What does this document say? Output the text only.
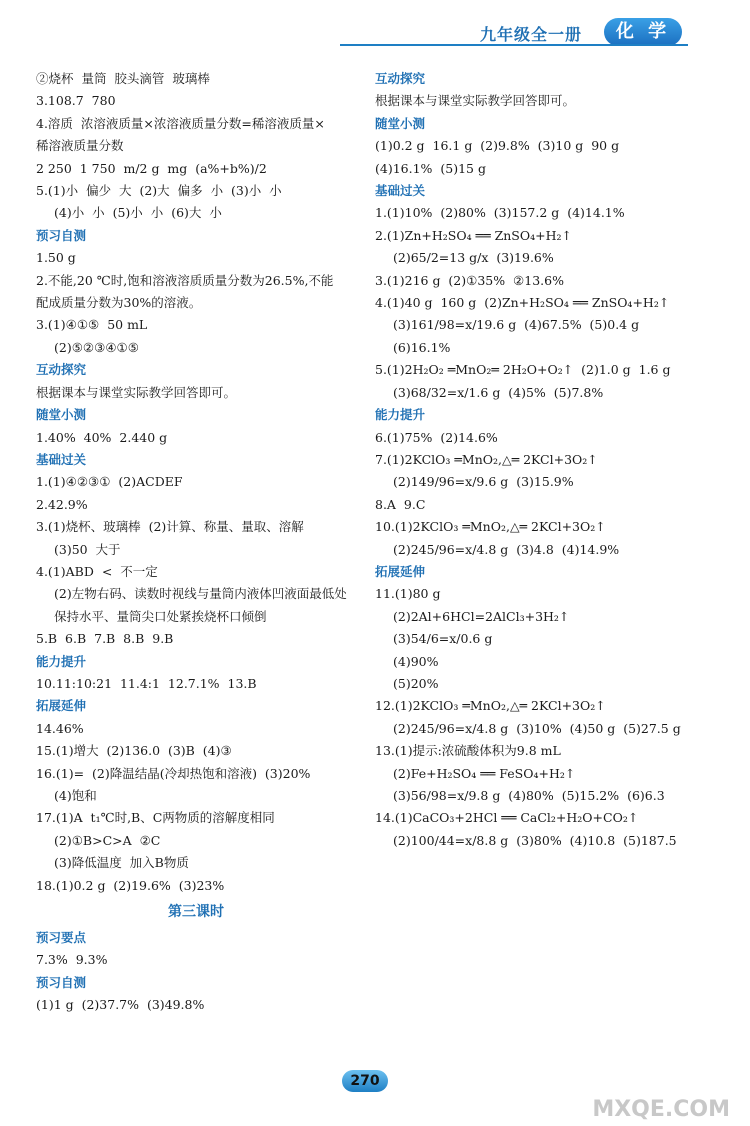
九年级全一册	化 学
②烧杯  量筒  胶头滴管  玻璃棒
3.108.7  780
4.溶质  浓溶液质量×浓溶液质量分数=稀溶液质量×
稀溶液质量分数
2 250  1 750  m/2 g  mg  (a%+b%)/2
5.(1)小  偏少  大  (2)大  偏多  小  (3)小  小
(4)小  小  (5)小  小  (6)大  小
预习自测
1.50 g
2.不能,20 ℃时,饱和溶液溶质质量分数为26.5%,不能
配成质量分数为30%的溶液。
3.(1)④①⑤  50 mL
(2)⑤②③④①⑤
互动探究
根据课本与课堂实际教学回答即可。
随堂小测
1.40%  40%  2.440 g
基础过关
1.(1)④②③①  (2)ACDEF
2.42.9%
3.(1)烧杯、玻璃棒  (2)计算、称量、量取、溶解
(3)50  大于
4.(1)ABD  <  不一定
(2)左物右码、读数时视线与量筒内液体凹液面最低处
保持水平、量筒尖口处紧挨烧杯口倾倒
5.B  6.B  7.B  8.B  9.B
能力提升
10.11:10:21  11.4:1  12.7.1%  13.B
拓展延伸
14.46%
15.(1)增大  (2)136.0  (3)B  (4)③
16.(1)=  (2)降温结晶(冷却热饱和溶液)  (3)20%
(4)饱和
17.(1)A  t₁℃时,B、C两物质的溶解度相同
(2)①B>C>A  ②C
(3)降低温度  加入B物质
18.(1)0.2 g  (2)19.6%  (3)23%
第三课时
预习要点
7.3%  9.3%
预习自测
(1)1 g  (2)37.7%  (3)49.8%
互动探究
根据课本与课堂实际教学回答即可。
随堂小测
(1)0.2 g  16.1 g  (2)9.8%  (3)10 g  90 g
(4)16.1%  (5)15 g
基础过关
1.(1)10%  (2)80%  (3)157.2 g  (4)14.1%
2.(1)Zn+H₂SO₄ ══ ZnSO₄+H₂↑
(2)65/2=13 g/x  (3)19.6%
3.(1)216 g  (2)①35%  ②13.6%
4.(1)40 g  160 g  (2)Zn+H₂SO₄ ══ ZnSO₄+H₂↑
(3)161/98=x/19.6 g  (4)67.5%  (5)0.4 g
(6)16.1%
5.(1)2H₂O₂ ═MnO₂═ 2H₂O+O₂↑  (2)1.0 g  1.6 g
(3)68/32=x/1.6 g  (4)5%  (5)7.8%
能力提升
6.(1)75%  (2)14.6%
7.(1)2KClO₃ ═MnO₂,△═ 2KCl+3O₂↑
(2)149/96=x/9.6 g  (3)15.9%
8.A  9.C
10.(1)2KClO₃ ═MnO₂,△═ 2KCl+3O₂↑
(2)245/96=x/4.8 g  (3)4.8  (4)14.9%
拓展延伸
11.(1)80 g
(2)2Al+6HCl=2AlCl₃+3H₂↑
(3)54/6=x/0.6 g
(4)90%
(5)20%
12.(1)2KClO₃ ═MnO₂,△═ 2KCl+3O₂↑
(2)245/96=x/4.8 g  (3)10%  (4)50 g  (5)27.5 g
13.(1)提示:浓硫酸体积为9.8 mL
(2)Fe+H₂SO₄ ══ FeSO₄+H₂↑
(3)56/98=x/9.8 g  (4)80%  (5)15.2%  (6)6.3
14.(1)CaCO₃+2HCl ══ CaCl₂+H₂O+CO₂↑
(2)100/44=x/8.8 g  (3)80%  (4)10.8  (5)187.5
270
MXQE.COM
